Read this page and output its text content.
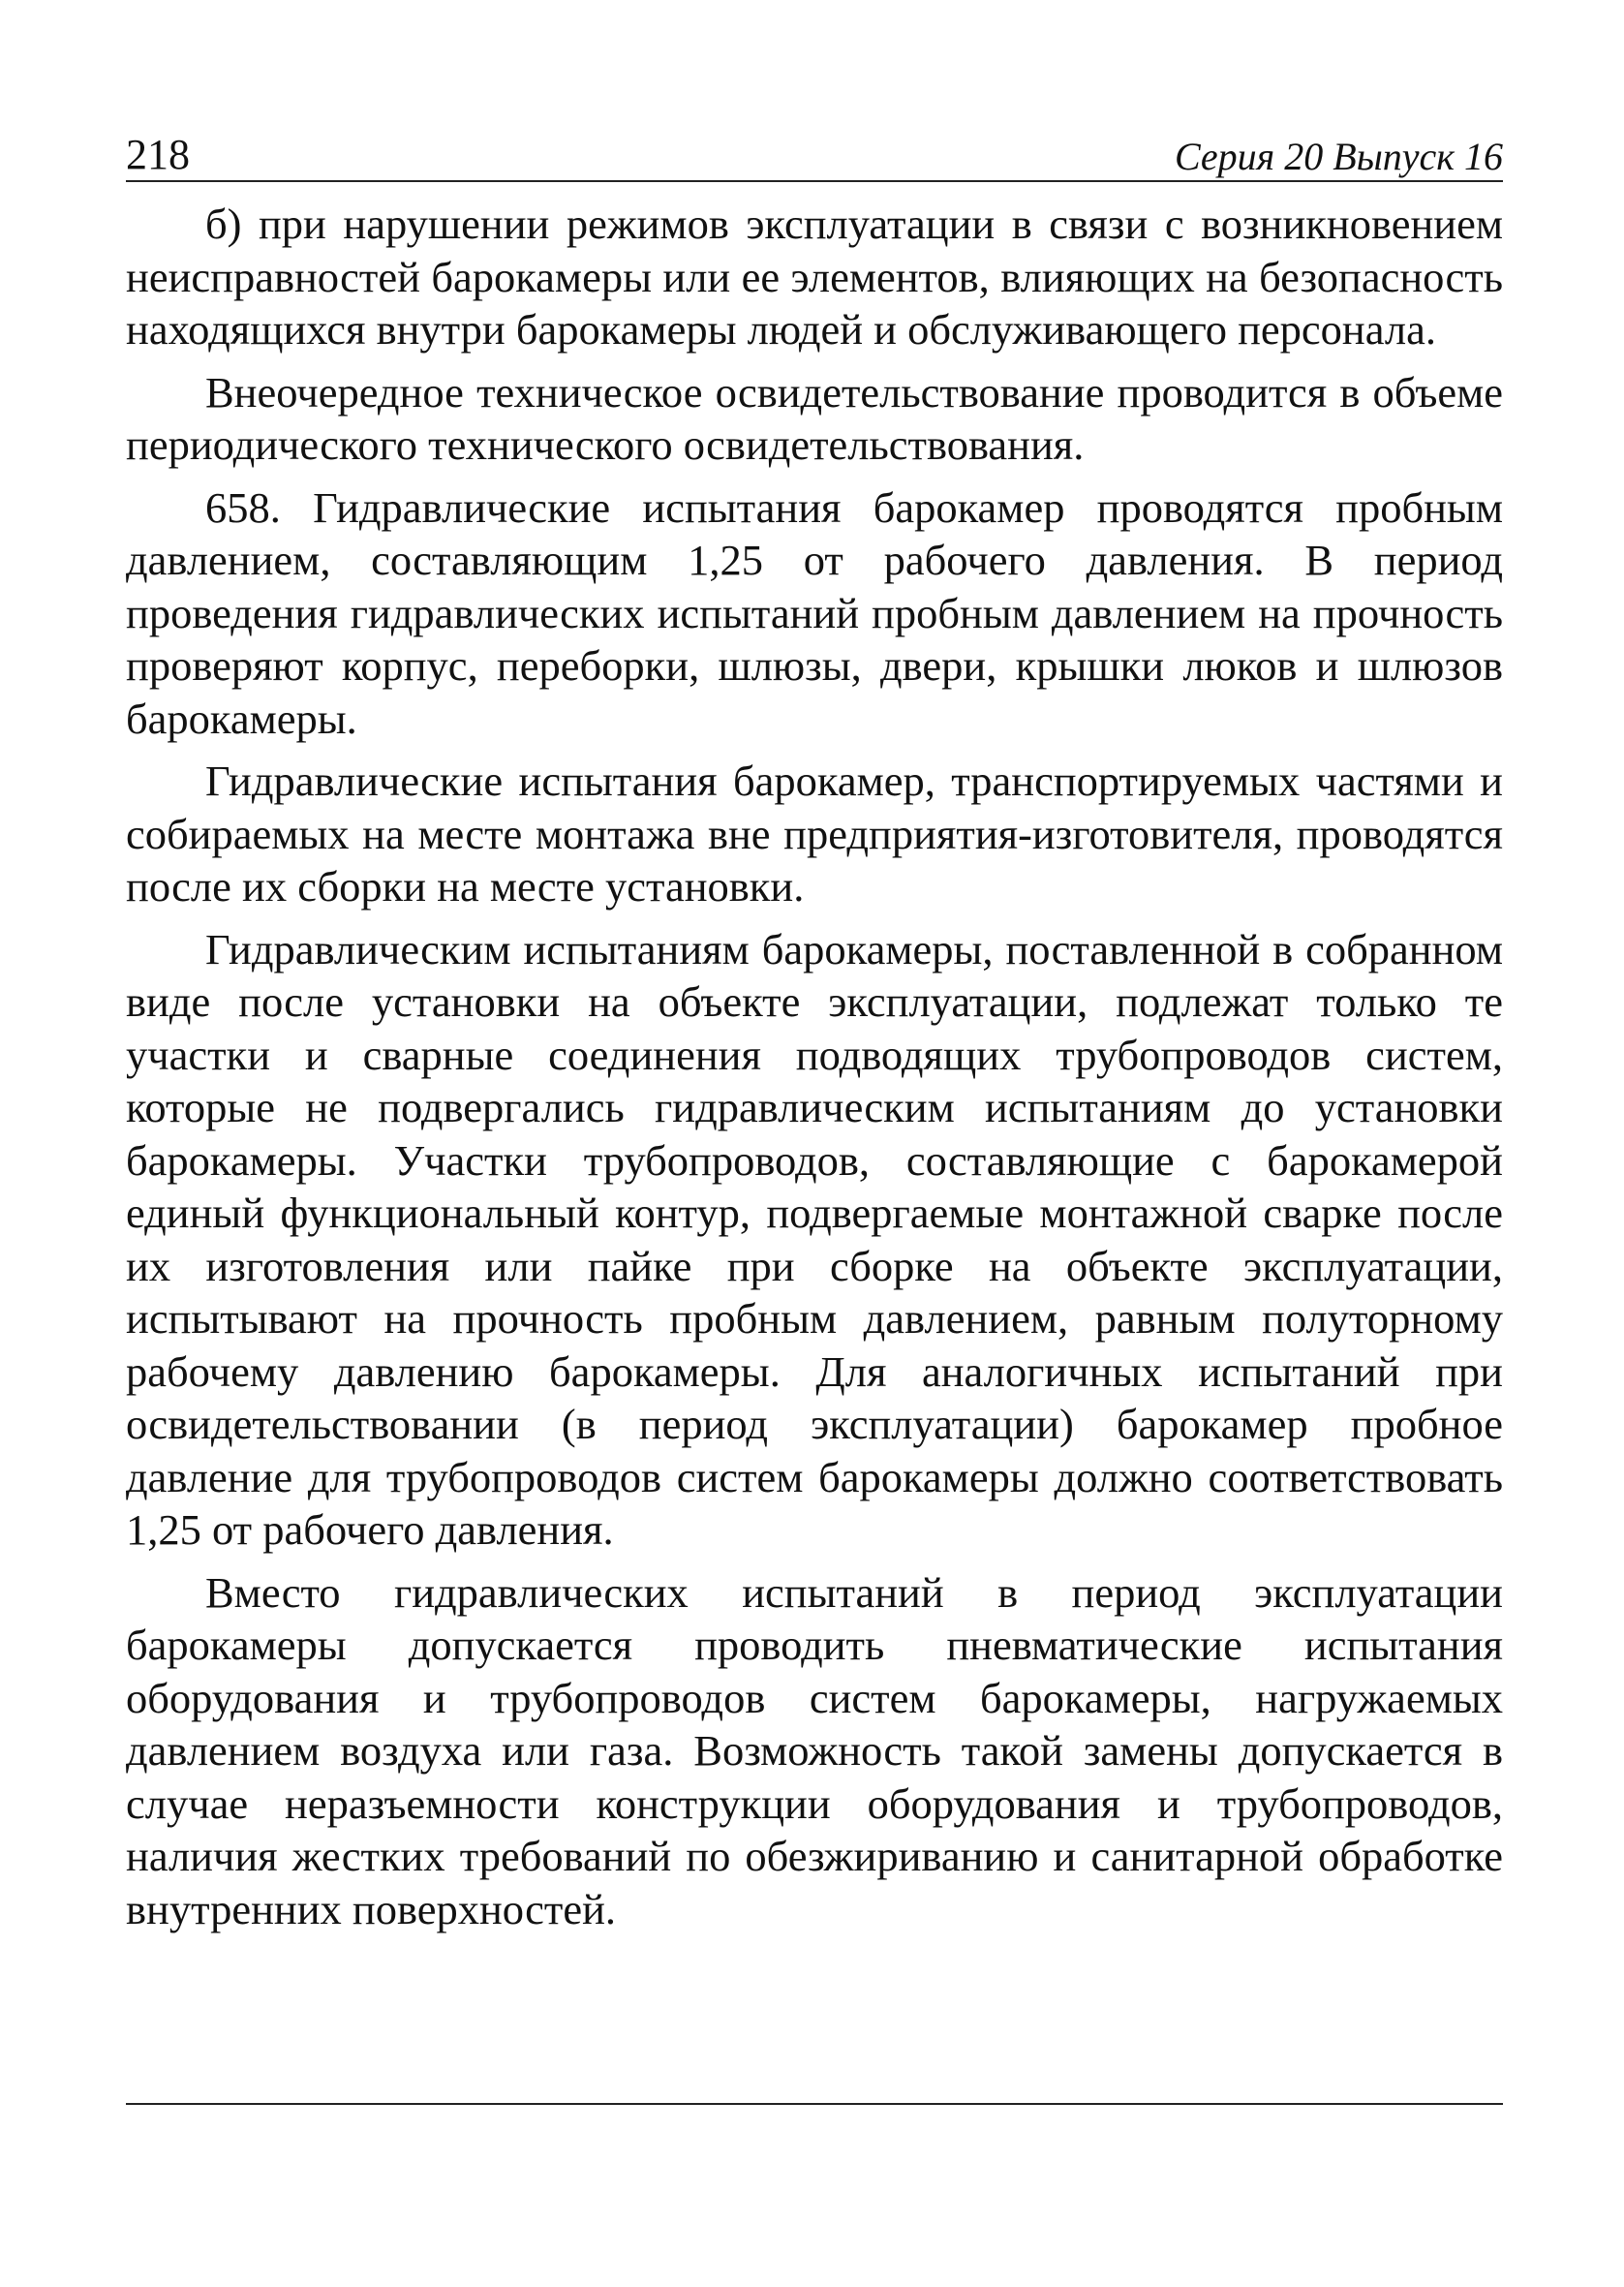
218	Серия 20 Выпуск 16

б) при нарушении режимов эксплуатации в связи с возникновением неисправностей барокамеры или ее элементов, влияющих на безопасность находящихся внутри барокамеры людей и обслуживающего персонала.

Внеочередное техническое освидетельствование проводится в объеме периодического технического освидетельствования.

658. Гидравлические испытания барокамер проводятся пробным давлением, составляющим 1,25 от рабочего давления. В период проведения гидравлических испытаний пробным давлением на прочность проверяют корпус, переборки, шлюзы, двери, крышки люков и шлюзов барокамеры.

Гидравлические испытания барокамер, транспортируемых частями и собираемых на месте монтажа вне предприятия-изготовителя, проводятся после их сборки на месте установки.

Гидравлическим испытаниям барокамеры, поставленной в собранном виде после установки на объекте эксплуатации, подлежат только те участки и сварные соединения подводящих трубопроводов систем, которые не подвергались гидравлическим испытаниям до установки барокамеры. Участки трубопроводов, составляющие с барокамерой единый функциональный контур, подвергаемые монтажной сварке после их изготовления или пайке при сборке на объекте эксплуатации, испытывают на прочность пробным давлением, равным полуторному рабочему давлению барокамеры. Для аналогичных испытаний при освидетельствовании (в период эксплуатации) барокамер пробное давление для трубопроводов систем барокамеры должно соответствовать 1,25 от рабочего давления.

Вместо гидравлических испытаний в период эксплуатации барокамеры допускается проводить пневматические испытания оборудования и трубопроводов систем барокамеры, нагружаемых давлением воздуха или газа. Возможность такой замены допускается в случае неразъемности конструкции оборудования и трубопроводов, наличия жестких требований по обезжириванию и санитарной обработке внутренних поверхностей.
